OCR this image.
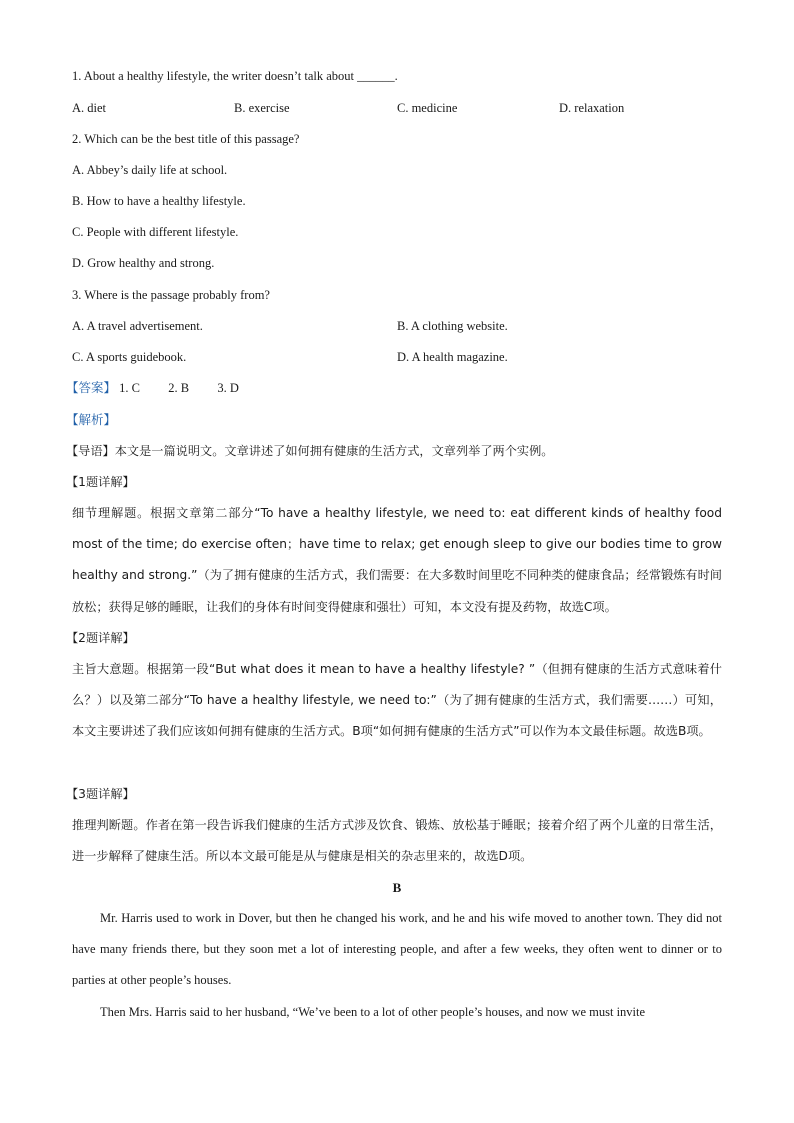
1. About a healthy lifestyle, the writer doesn’t talk about ______.
A. diet	B. exercise	C. medicine	D. relaxation
2. Which can be the best title of this passage?
A. Abbey’s daily life at school.
B. How to have a healthy lifestyle.
C. People with different lifestyle.
D. Grow healthy and strong.
3. Where is the passage probably from?
A. A travel advertisement.	B. A clothing website.
C. A sports guidebook.	D. A health magazine.
【答案】 1. C 2. B 3. D
【解析】
【导语】本文是一篇说明文。文章讲述了如何拥有健康的生活方式，文章列举了两个实例。
【1题详解】
细节理解题。根据文章第二部分“To have a healthy lifestyle, we need to: eat different kinds of healthy food most of the time; do exercise often；have time to relax; get enough sleep to give our bodies time to grow healthy and strong.”（为了拥有健康的生活方式，我们需要：在大多数时间里吃不同种类的健康食品；经常锻炼有时间放松；获得足够的睡眠，让我们的身体有时间变得健康和强壮）可知，本文没有提及药物，故选C项。
【2题详解】
主旨大意题。根据第一段“But what does it mean to have a healthy lifestyle? ”（但拥有健康的生活方式意味着什么？）以及第二部分“To have a healthy lifestyle, we need to:”（为了拥有健康的生活方式，我们需要……）可知，本文主要讲述了我们应该如何拥有健康的生活方式。B项“如何拥有健康的生活方式”可以作为本文最佳标题。故选B项。
【3题详解】
推理判断题。作者在第一段告诉我们健康的生活方式涉及饮食、锻炼、放松基于睡眠；接着介绍了两个儿童的日常生活，进一步解释了健康生活。所以本文最可能是从与健康是相关的杂志里来的，故选D项。
B
Mr. Harris used to work in Dover, but then he changed his work, and he and his wife moved to another town. They did not have many friends there, but they soon met a lot of interesting people, and after a few weeks, they often went to dinner or to parties at other people’s houses.
Then Mrs. Harris said to her husband, “We’ve been to a lot of other people’s houses, and now we must invite
